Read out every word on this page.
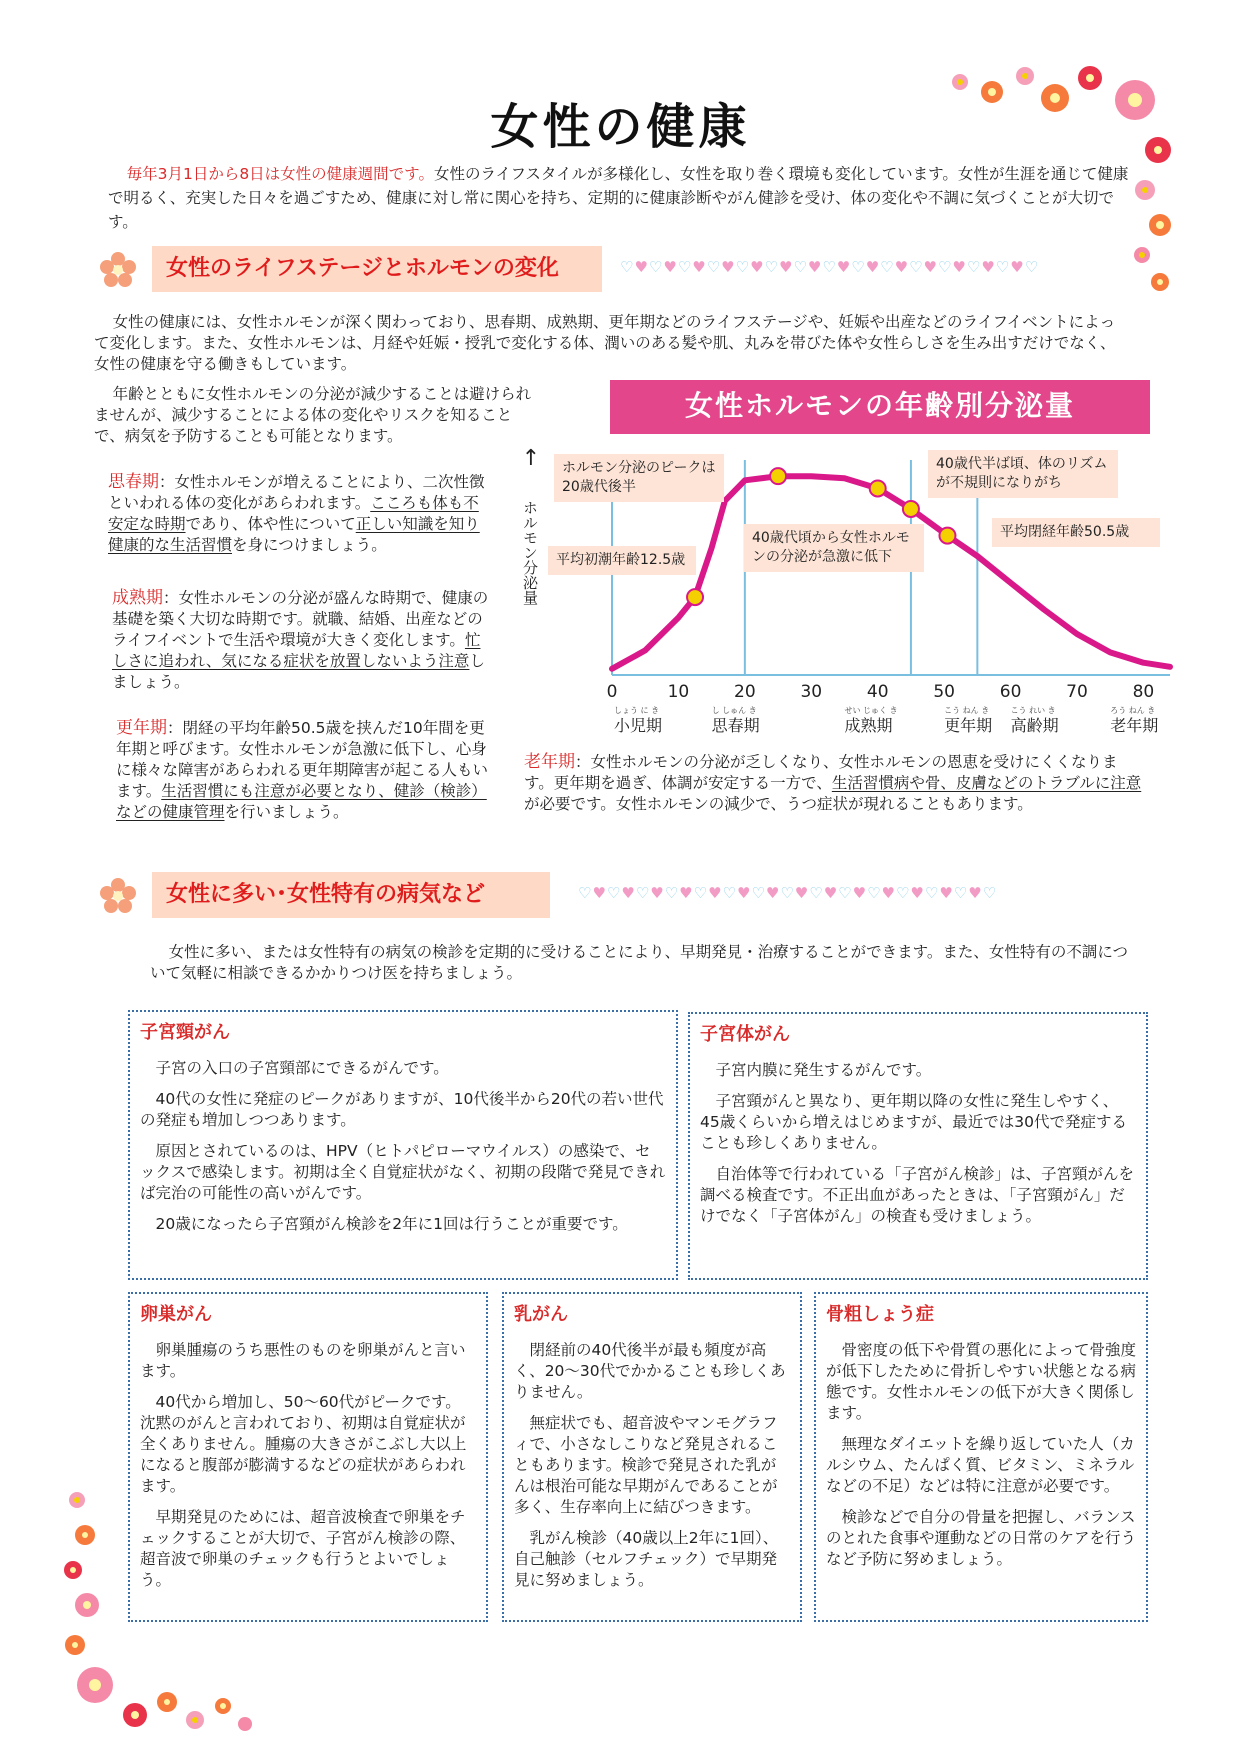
女性の健康
毎年3月1日から8日は女性の健康週間です。女性のライフスタイルが多様化し、女性を取り巻く環境も変化しています。女性が生涯を通じて健康で明るく、充実した日々を過ごすため、健康に対し常に関心を持ち、定期的に健康診断やがん健診を受け、体の変化や不調に気づくことが大切です。
女性のライフステージとホルモンの変化	♡♥♡♥♡♥♡♥♡♥♡♥♡♥♡♥♡♥♡♥♡♥♡♥♡♥♡♥♡
女性の健康には、女性ホルモンが深く関わっており、思春期、成熟期、更年期などのライフステージや、妊娠や出産などのライフイベントによって変化します。また、女性ホルモンは、月経や妊娠・授乳で変化する体、潤いのある髪や肌、丸みを帯びた体や女性らしさを生み出すだけでなく、女性の健康を守る働きもしています。
年齢とともに女性ホルモンの分泌が減少することは避けられませんが、減少することによる体の変化やリスクを知ることで、病気を予防することも可能となります。
思春期：女性ホルモンが増えることにより、二次性徴といわれる体の変化があらわれます。こころも体も不安定な時期であり、体や性について正しい知識を知り健康的な生活習慣を身につけましょう。
成熟期：女性ホルモンの分泌が盛んな時期で、健康の基礎を築く大切な時期です。就職、結婚、出産などのライフイベントで生活や環境が大きく変化します。忙しさに追われ、気になる症状を放置しないよう注意しましょう。
更年期：閉経の平均年齢50.5歳を挟んだ10年間を更年期と呼びます。女性ホルモンが急激に低下し、心身に様々な障害があらわれる更年期障害が起こる人もいます。生活習慣にも注意が必要となり、健診（検診）などの健康管理を行いましょう。
女性ホルモンの年齢別分泌量
↑
ホルモン分泌量
0	10	20	30	40	50	60	70	80
しょう に き
小児期
し しゅん き
思春期
せい じゅく き
成熟期
こう ねん き
更年期
こう れい き
高齢期
ろう ねん き
老年期
ホルモン分泌のピークは20歳代後半
平均初潮年齢12.5歳
40歳代頃から女性ホルモンの分泌が急激に低下
40歳代半ば頃、体のリズムが不規則になりがち
平均閉経年齢50.5歳
老年期：女性ホルモンの分泌が乏しくなり、女性ホルモンの恩恵を受けにくくなります。更年期を過ぎ、体調が安定する一方で、生活習慣病や骨、皮膚などのトラブルに注意が必要です。女性ホルモンの減少で、うつ症状が現れることもあります。
女性に多い･女性特有の病気など	♡♥♡♥♡♥♡♥♡♥♡♥♡♥♡♥♡♥♡♥♡♥♡♥♡♥♡♥♡
女性に多い、または女性特有の病気の検診を定期的に受けることにより、早期発見・治療することができます。また、女性特有の不調について気軽に相談できるかかりつけ医を持ちましょう。
子宮頸がん

子宮の入口の子宮頸部にできるがんです。

40代の女性に発症のピークがありますが、10代後半から20代の若い世代の発症も増加しつつあります。

原因とされているのは、HPV（ヒトパピローマウイルス）の感染で、セックスで感染します。初期は全く自覚症状がなく、初期の段階で発見できれば完治の可能性の高いがんです。

20歳になったら子宮頸がん検診を2年に1回は行うことが重要です。

子宮体がん

子宮内膜に発生するがんです。

子宮頸がんと異なり、更年期以降の女性に発生しやすく、45歳くらいから増えはじめますが、最近では30代で発症することも珍しくありません。

自治体等で行われている「子宮がん検診」は、子宮頸がんを調べる検査です。不正出血があったときは、「子宮頸がん」だけでなく「子宮体がん」の検査も受けましょう。

卵巣がん

卵巣腫瘍のうち悪性のものを卵巣がんと言います。

40代から増加し、50～60代がピークです。沈黙のがんと言われており、初期は自覚症状が全くありません。腫瘍の大きさがこぶし大以上になると腹部が膨満するなどの症状があらわれます。

早期発見のためには、超音波検査で卵巣をチェックすることが大切で、子宮がん検診の際、超音波で卵巣のチェックも行うとよいでしょう。

乳がん

閉経前の40代後半が最も頻度が高く、20～30代でかかることも珍しくありません。

無症状でも、超音波やマンモグラフィで、小さなしこりなど発見されることもあります。検診で発見された乳がんは根治可能な早期がんであることが多く、生存率向上に結びつきます。

乳がん検診（40歳以上2年に1回）、自己触診（セルフチェック）で早期発見に努めましょう。

骨粗しょう症

骨密度の低下や骨質の悪化によって骨強度が低下したために骨折しやすい状態となる病態です。女性ホルモンの低下が大きく関係します。

無理なダイエットを繰り返していた人（カルシウム、たんぱく質、ビタミン、ミネラルなどの不足）などは特に注意が必要です。

検診などで自分の骨量を把握し、バランスのとれた食事や運動などの日常のケアを行うなど予防に努めましょう。
